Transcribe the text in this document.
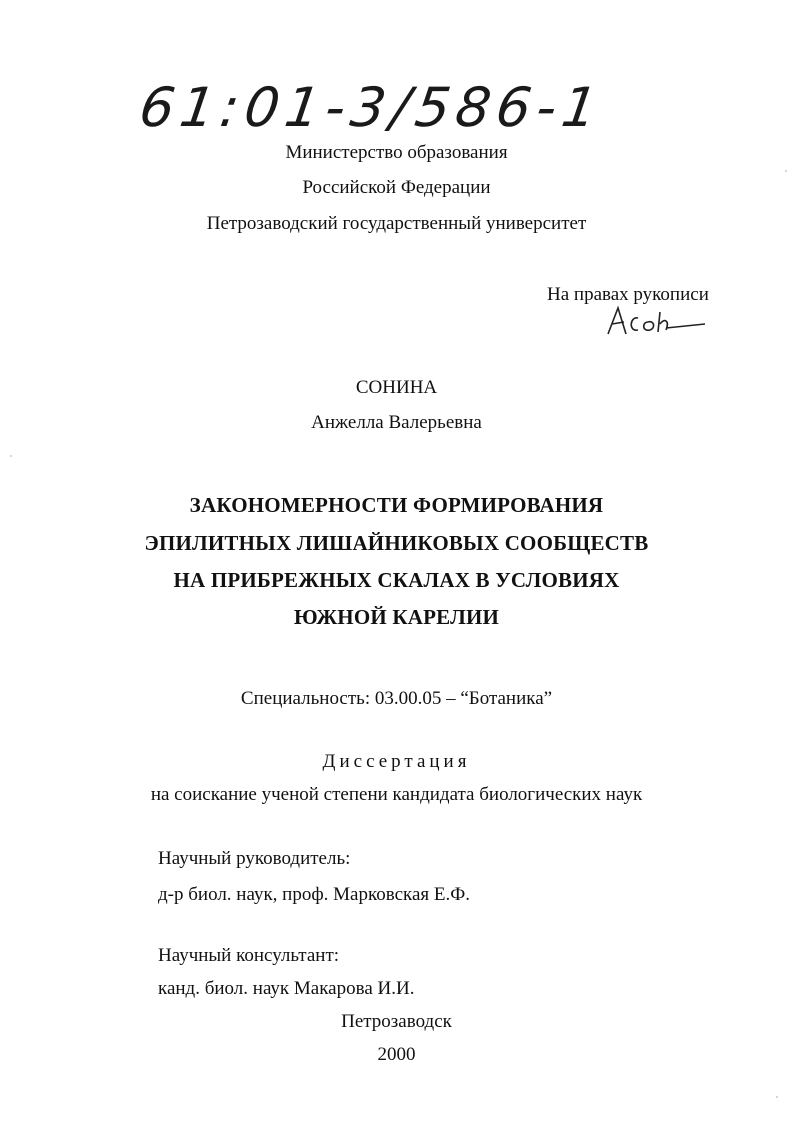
61:01-3/586-1
Министерство образования
Российской Федерации
Петрозаводский государственный университет
На правах рукописи
СОНИНА
Анжелла Валерьевна
ЗАКОНОМЕРНОСТИ ФОРМИРОВАНИЯ
ЭПИЛИТНЫХ ЛИШАЙНИКОВЫХ СООБЩЕСТВ
НА ПРИБРЕЖНЫХ СКАЛАХ В УСЛОВИЯХ
ЮЖНОЙ КАРЕЛИИ
Специальность: 03.00.05 – “Ботаника”
Диссертация
на соискание ученой степени кандидата биологических наук
Научный руководитель:
д-р биол. наук, проф. Марковская Е.Ф.
Научный консультант:
канд. биол. наук Макарова И.И.
Петрозаводск
2000
